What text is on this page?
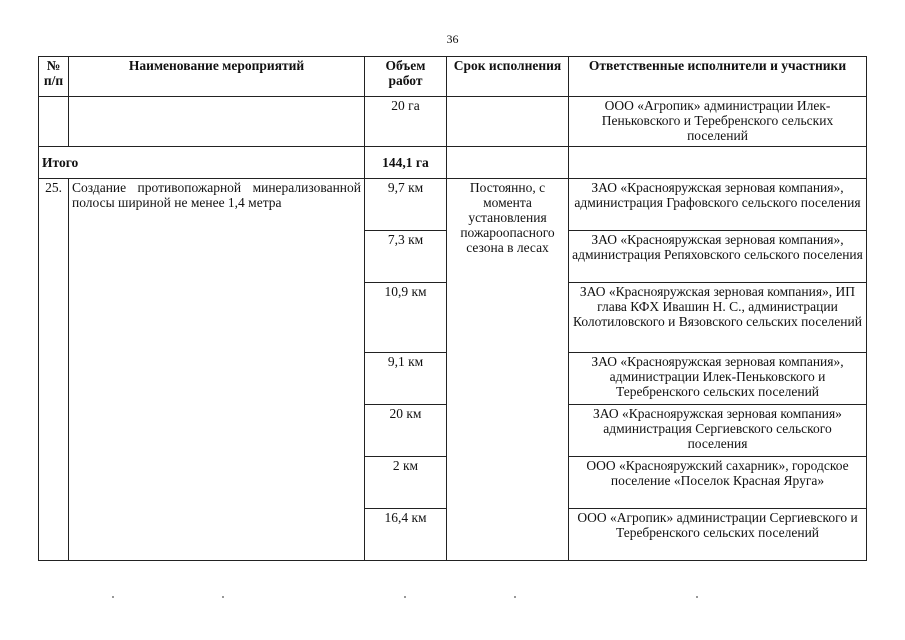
36
№ п/п	Наименование мероприятий	Объем работ	Срок исполнения	Ответственные исполнители и участники
		20 га		ООО «Агропик» администрации Илек-Пеньковского и Теребренского сельских поселений
Итого		144,1 га		
25.	Создание противопожарной минерализованной полосы шириной не менее 1,4 метра	9,7 км	Постоянно, с момента установления пожароопасного сезона в лесах	ЗАО «Краснояружская зерновая компания», администрация Графовского сельского поселения
		7,3 км		ЗАО «Краснояружская зерновая компания», администрация Репяховского сельского поселения
		10,9 км		ЗАО «Краснояружская зерновая компания», ИП глава КФХ Ивашин Н. С., администрации Колотиловского и Вязовского сельских поселений
		9,1 км		ЗАО «Краснояружская зерновая компания», администрации Илек-Пеньковского и Теребренского сельских поселений
		20 км		ЗАО «Краснояружская зерновая компания» администрация Сергиевского сельского поселения
		2 км		ООО «Краснояружский сахарник», городское поселение «Поселок Красная Яруга»
		16,4 км		ООО «Агропик» администрации Сергиевского и Теребренского сельских поселений
